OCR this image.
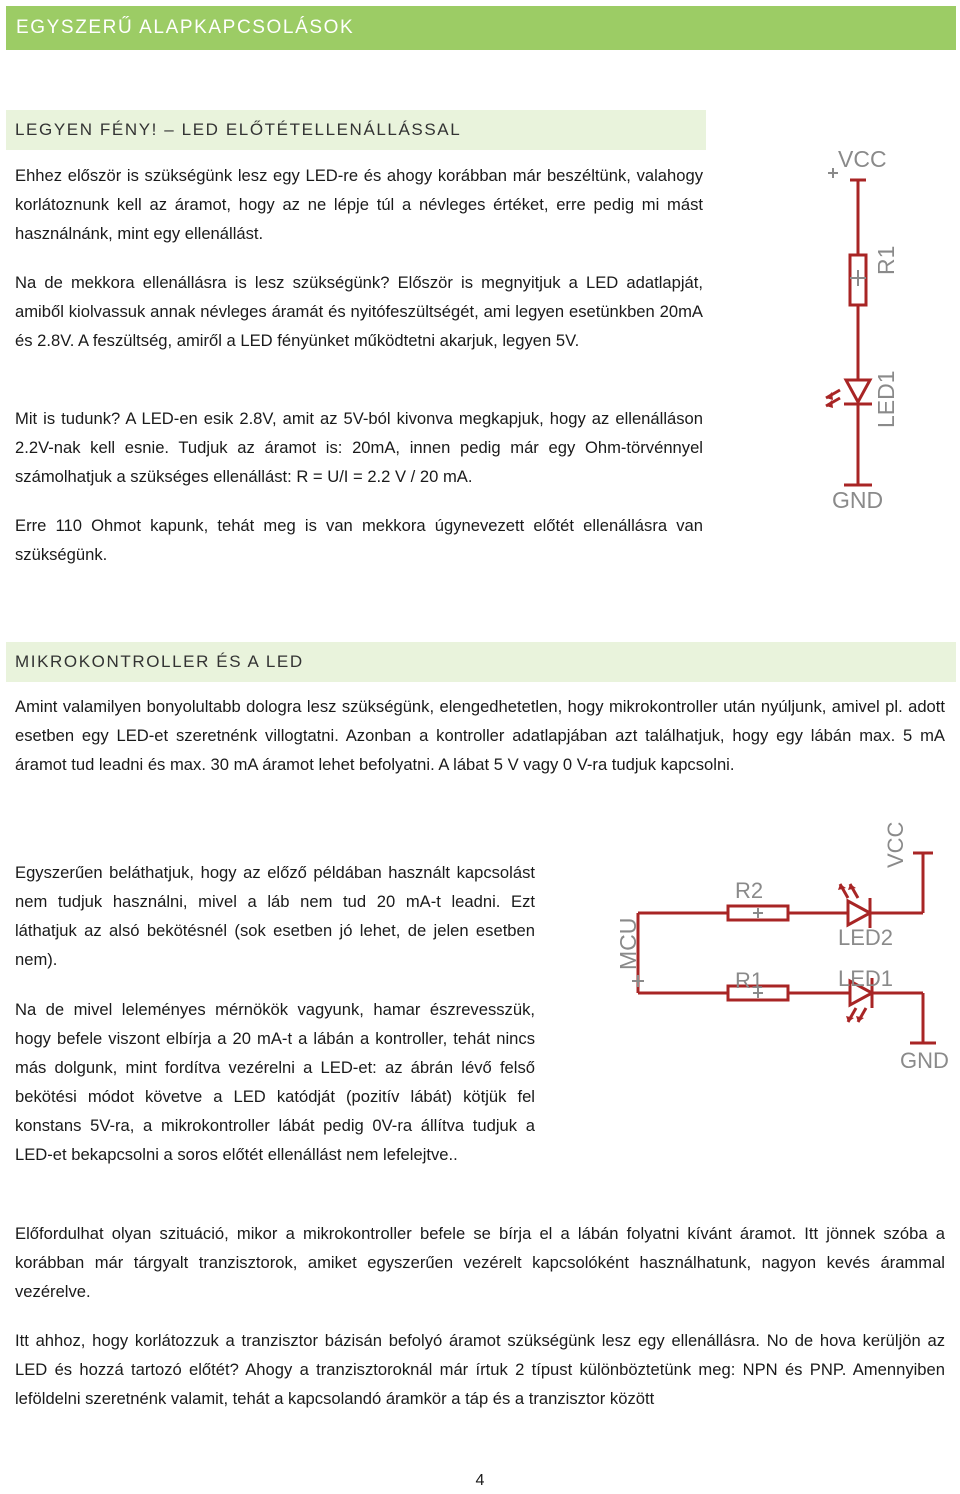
EGYSZERŰ ALAPKAPCSOLÁSOK
LEGYEN FÉNY! – LED ELŐTÉTELLENÁLLÁSSAL

Ehhez először is szükségünk lesz egy LED-re és ahogy korábban már beszéltünk, valahogy korlátoznunk kell az áramot, hogy az ne lépje túl a névleges értéket, erre pedig mi mást használnánk, mint egy ellenállást.

Na de mekkora ellenállásra is lesz szükségünk? Először is megnyitjuk a LED adatlapját, amiből kiolvassuk annak névleges áramát és nyitófeszültségét, ami legyen esetünkben 20mA és 2.8V. A feszültség, amiről a LED fényünket működtetni akarjuk, legyen 5V.

Mit is tudunk? A LED-en esik 2.8V, amit az 5V-ból kivonva megkapjuk, hogy az ellenálláson 2.2V-nak kell esnie. Tudjuk az áramot is: 20mA, innen pedig már egy Ohm-törvénnyel számolhatjuk a szükséges ellenállást: R = U/I = 2.2 V / 20 mA.

Erre 110 Ohmot kapunk, tehát meg is van mekkora úgynevezett előtét ellenállásra van szükségünk.

VCC
R1
LED1
GND
MIKROKONTROLLER ÉS A LED

Amint valamilyen bonyolultabb dologra lesz szükségünk, elengedhetetlen, hogy mikrokontroller után nyúljunk, amivel pl. adott esetben egy LED-et szeretnénk villogtatni. Azonban a kontroller adatlapjában azt találhatjuk, hogy egy lábán max. 5 mA áramot tud leadni és max. 30 mA áramot lehet befolyatni. A lábat 5 V vagy 0 V-ra tudjuk kapcsolni.

Egyszerűen beláthatjuk, hogy az előző példában használt kapcsolást nem tudjuk használni, mivel a láb nem tud 20 mA-t leadni. Ezt láthatjuk az alsó bekötésnél (sok esetben jó lehet, de jelen esetben nem).

Na de mivel leleményes mérnökök vagyunk, hamar észrevesszük, hogy befele viszont elbírja a 20 mA-t a lábán a kontroller, tehát nincs más dolgunk, mint fordítva vezérelni a LED-et: az ábrán lévő felső bekötési módot követve a LED katódját (pozitív lábát) kötjük fel konstans 5V-ra, a mikrokontroller lábát pedig 0V-ra állítva tudjuk a LED-et bekapcsolni a soros előtét ellenállást nem lefelejtve..

Előfordulhat olyan szituáció, mikor a mikrokontroller befele se bírja el a lábán folyatni kívánt áramot. Itt jönnek szóba a korábban már tárgyalt tranzisztorok, amiket egyszerűen vezérelt kapcsolóként használhatunk, nagyon kevés árammal vezérelve.

Itt ahhoz, hogy korlátozzuk a tranzisztor bázisán befolyó áramot szükségünk lesz egy ellenállásra. No de hova kerüljön az LED és hozzá tartozó előtét? Ahogy a tranzisztoroknál már írtuk 2 típust különböztetünk meg: NPN és PNP. Amennyiben leföldelni szeretnénk valamit, tehát a kapcsolandó áramkör a táp és a tranzisztor között

MCU
R2
R1
LED2
LED1
VCC
GND
4
